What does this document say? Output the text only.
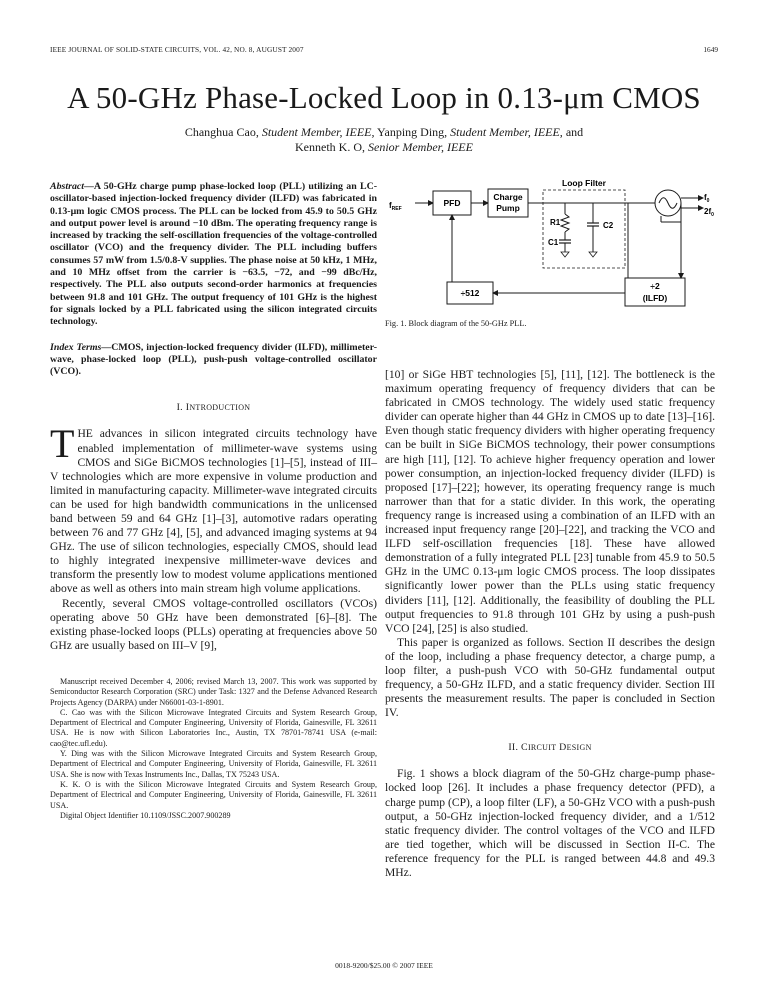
IEEE JOURNAL OF SOLID-STATE CIRCUITS, VOL. 42, NO. 8, AUGUST 2007	1649
A 50-GHz Phase-Locked Loop in 0.13-μm CMOS
Changhua Cao, Student Member, IEEE, Yanping Ding, Student Member, IEEE, and
Kenneth K. O, Senior Member, IEEE

Abstract—A 50-GHz charge pump phase-locked loop (PLL) utilizing an LC-oscillator-based injection-locked frequency divider (ILFD) was fabricated in 0.13-μm logic CMOS process. The PLL can be locked from 45.9 to 50.5 GHz and output power level is around −10 dBm. The operating frequency range is increased by tracking the self-oscillation frequencies of the voltage-controlled oscillator (VCO) and the frequency divider. The PLL including buffers consumes 57 mW from 1.5/0.8-V supplies. The phase noise at 50 kHz, 1 MHz, and 10 MHz offset from the carrier is −63.5, −72, and −99 dBc/Hz, respectively. The PLL also outputs second-order harmonics at frequencies between 91.8 and 101 GHz. The output frequency of 101 GHz is the highest for signals locked by a PLL fabricated using the silicon integrated circuits technology.

Index Terms—CMOS, injection-locked frequency divider (ILFD), millimeter-wave, phase-locked loop (PLL), push-push voltage-controlled oscillator (VCO).

I. INTRODUCTION

THE advances in silicon integrated circuits technology have enabled implementation of millimeter-wave systems using CMOS and SiGe BiCMOS technologies [1]–[5], instead of III–V technologies which are more expensive in volume production and limited in manufacturing capacity. Millimeter-wave integrated circuits can be used for high bandwidth communications in the unlicensed band between 59 and 64 GHz [1]–[3], automotive radars operating between 76 and 77 GHz [4], [5], and advanced imaging systems at 94 GHz. The use of silicon technologies, especially CMOS, should lead to highly integrated inexpensive millimeter-wave devices and transform the presently low to modest volume applications mentioned above as well as others into main stream high volume applications.

Recently, several CMOS voltage-controlled oscillators (VCOs) operating above 50 GHz have been demonstrated [6]–[8]. The existing phase-locked loops (PLLs) operating at frequencies above 50 GHz are usually based on III–V [9],

Manuscript received December 4, 2006; revised March 13, 2007. This work was supported by Semiconductor Research Corporation (SRC) under Task: 1327 and the Defense Advanced Research Projects Agency (DARPA) under N66001-03-1-8901.

C. Cao was with the Silicon Microwave Integrated Circuits and System Research Group, Department of Electrical and Computer Engineering, University of Florida, Gainesville, FL 32611 USA. He is now with Silicon Laboratories Inc., Austin, TX 78701-78741 USA (e-mail: cao@tec.ufl.edu).

Y. Ding was with the Silicon Microwave Integrated Circuits and System Research Group, Department of Electrical and Computer Engineering, University of Florida, Gainesville, FL 32611 USA. She is now with Texas Instruments Inc., Dallas, TX 75243 USA.

K. K. O is with the Silicon Microwave Integrated Circuits and System Research Group, Department of Electrical and Computer Engineering, University of Florida, Gainesville, FL 32611 USA.

Digital Object Identifier 10.1109/JSSC.2007.900289

$f_{REF}$
PFD
Charge
Pump
Loop Filter
R1
C1
C2
$f_0$
$2f_0$
÷2
(ILFD)
÷512
Fig. 1. Block diagram of the 50-GHz PLL.

[10] or SiGe HBT technologies [5], [11], [12]. The bottleneck is the maximum operating frequency of frequency dividers that can be fabricated in CMOS technology. The widely used static frequency divider can operate higher than 44 GHz in CMOS up to date [13]–[16]. Even though static frequency dividers with higher operating frequency can be built in SiGe BiCMOS technology, their power consumptions are high [11], [12]. To achieve higher frequency operation and lower power consumption, an injection-locked frequency divider (ILFD) is proposed [17]–[22]; however, its operating frequency range is much narrower than that for a static divider. In this work, the operating frequency range is increased using a combination of an ILFD with an increased input frequency range [20]–[22], and tracking the VCO and ILFD self-oscillation frequencies [18]. These have allowed demonstration of a fully integrated PLL [23] tunable from 45.9 to 50.5 GHz in the UMC 0.13-μm logic CMOS process. The loop dissipates significantly lower power than the PLLs using static frequency dividers [11], [12]. Additionally, the feasibility of doubling the PLL output frequencies to 91.8 through 101 GHz by using a push-push VCO [24], [25] is also studied.

This paper is organized as follows. Section II describes the design of the loop, including a phase frequency detector, a charge pump, a loop filter, a push-push VCO with 50-GHz fundamental output frequency, a 50-GHz ILFD, and a static frequency divider. Section III presents the measurement results. The paper is concluded in Section IV.

II. CIRCUIT DESIGN

Fig. 1 shows a block diagram of the 50-GHz charge-pump phase-locked loop [26]. It includes a phase frequency detector (PFD), a charge pump (CP), a loop filter (LF), a 50-GHz VCO with a push-push output, a 50-GHz injection-locked frequency divider, and a 1/512 static frequency divider. The control voltages of the VCO and ILFD are tied together, which will be discussed in Section II-C. The reference frequency for the PLL is ranged between 44.8 and 49.3 MHz.

0018-9200/$25.00 © 2007 IEEE
